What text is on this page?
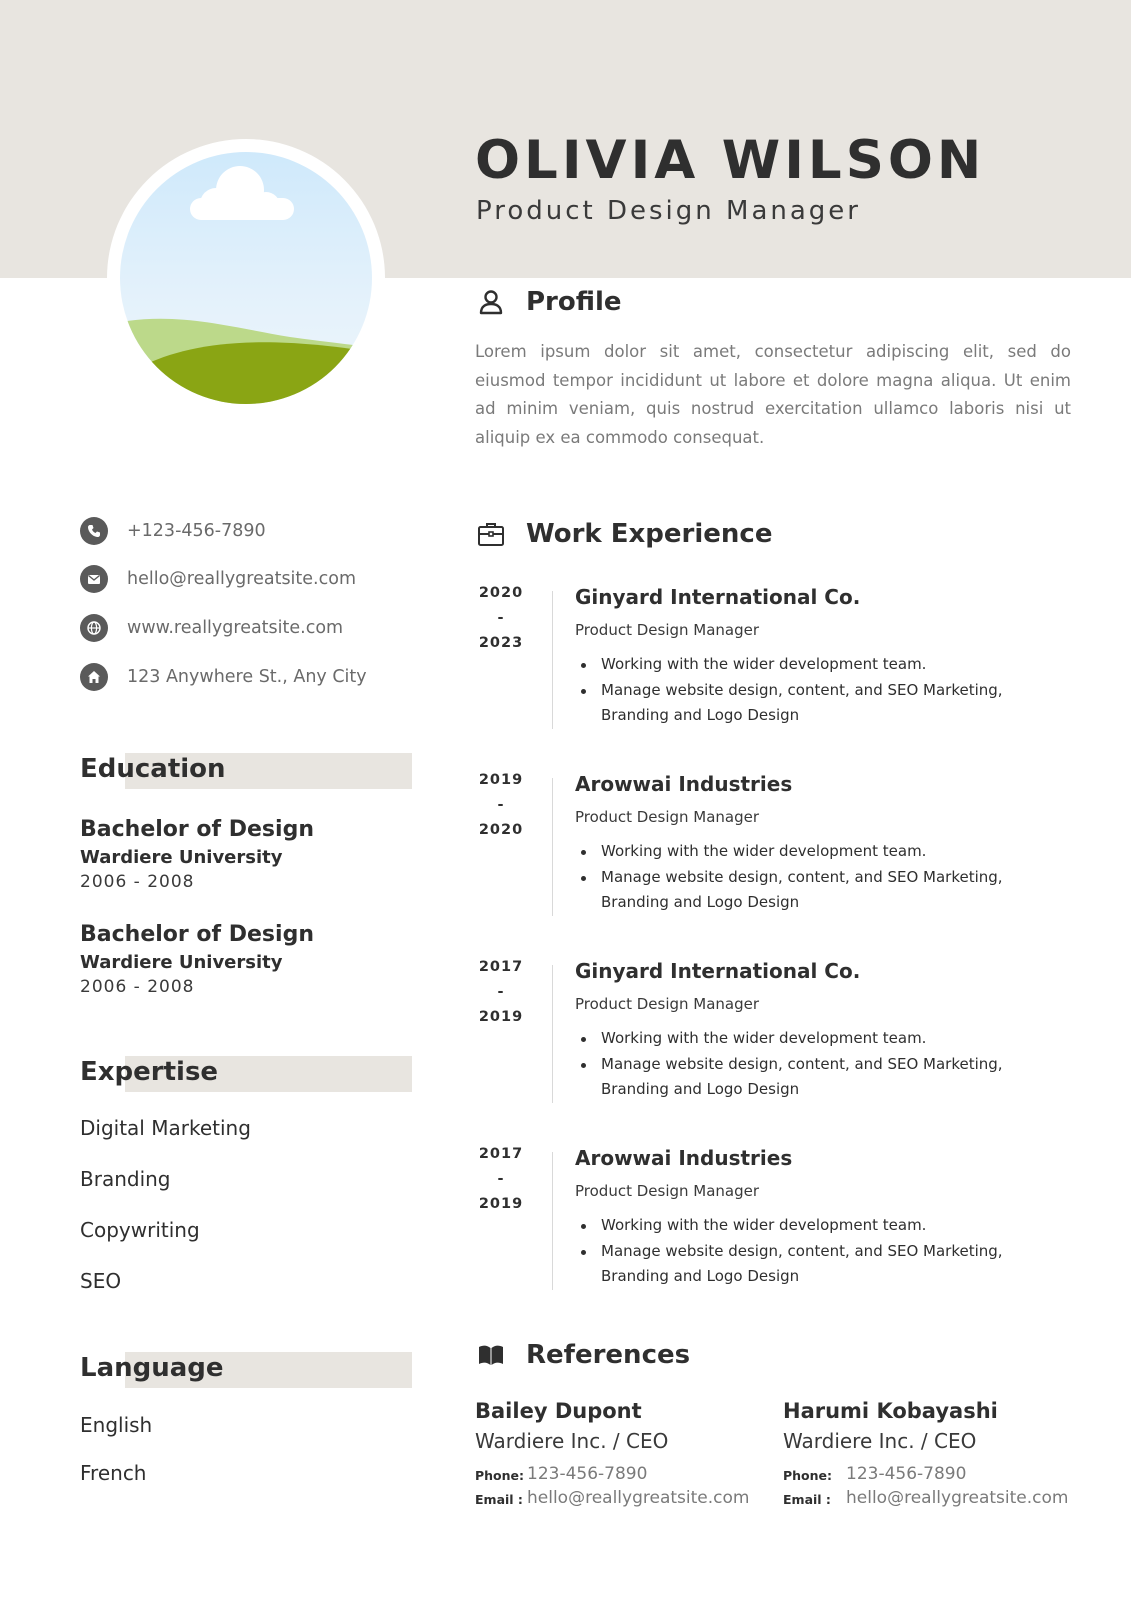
OLIVIA WILSON
Product Design Manager
Profile
Lorem ipsum dolor sit amet, consectetur adipiscing elit, sed do eiusmod tempor incididunt ut labore et dolore magna aliqua. Ut enim ad minim veniam, quis nostrud exercitation ullamco laboris nisi ut aliquip ex ea commodo consequat.
+123-456-7890
hello@reallygreatsite.com
www.reallygreatsite.com
123 Anywhere St., Any City
Education
Bachelor of Design
Wardiere University
2006 - 2008
Bachelor of Design
Wardiere University
2006 - 2008
Expertise
Digital Marketing
Branding
Copywriting
SEO
Language
English
French
Work Experience
2020
-
2023
Ginyard International Co.
Product Design Manager
Working with the wider development team.
Manage website design, content, and SEO Marketing, Branding and Logo Design
2019
-
2020
Arowwai Industries
Product Design Manager
Working with the wider development team.
Manage website design, content, and SEO Marketing, Branding and Logo Design
2017
-
2019
Ginyard International Co.
Product Design Manager
Working with the wider development team.
Manage website design, content, and SEO Marketing, Branding and Logo Design
2017
-
2019
Arowwai Industries
Product Design Manager
Working with the wider development team.
Manage website design, content, and SEO Marketing, Branding and Logo Design
References
Bailey Dupont
Wardiere Inc. / CEO
Phone: 123-456-7890
Email : hello@reallygreatsite.com
Harumi Kobayashi
Wardiere Inc. / CEO
Phone: 123-456-7890
Email : hello@reallygreatsite.com
